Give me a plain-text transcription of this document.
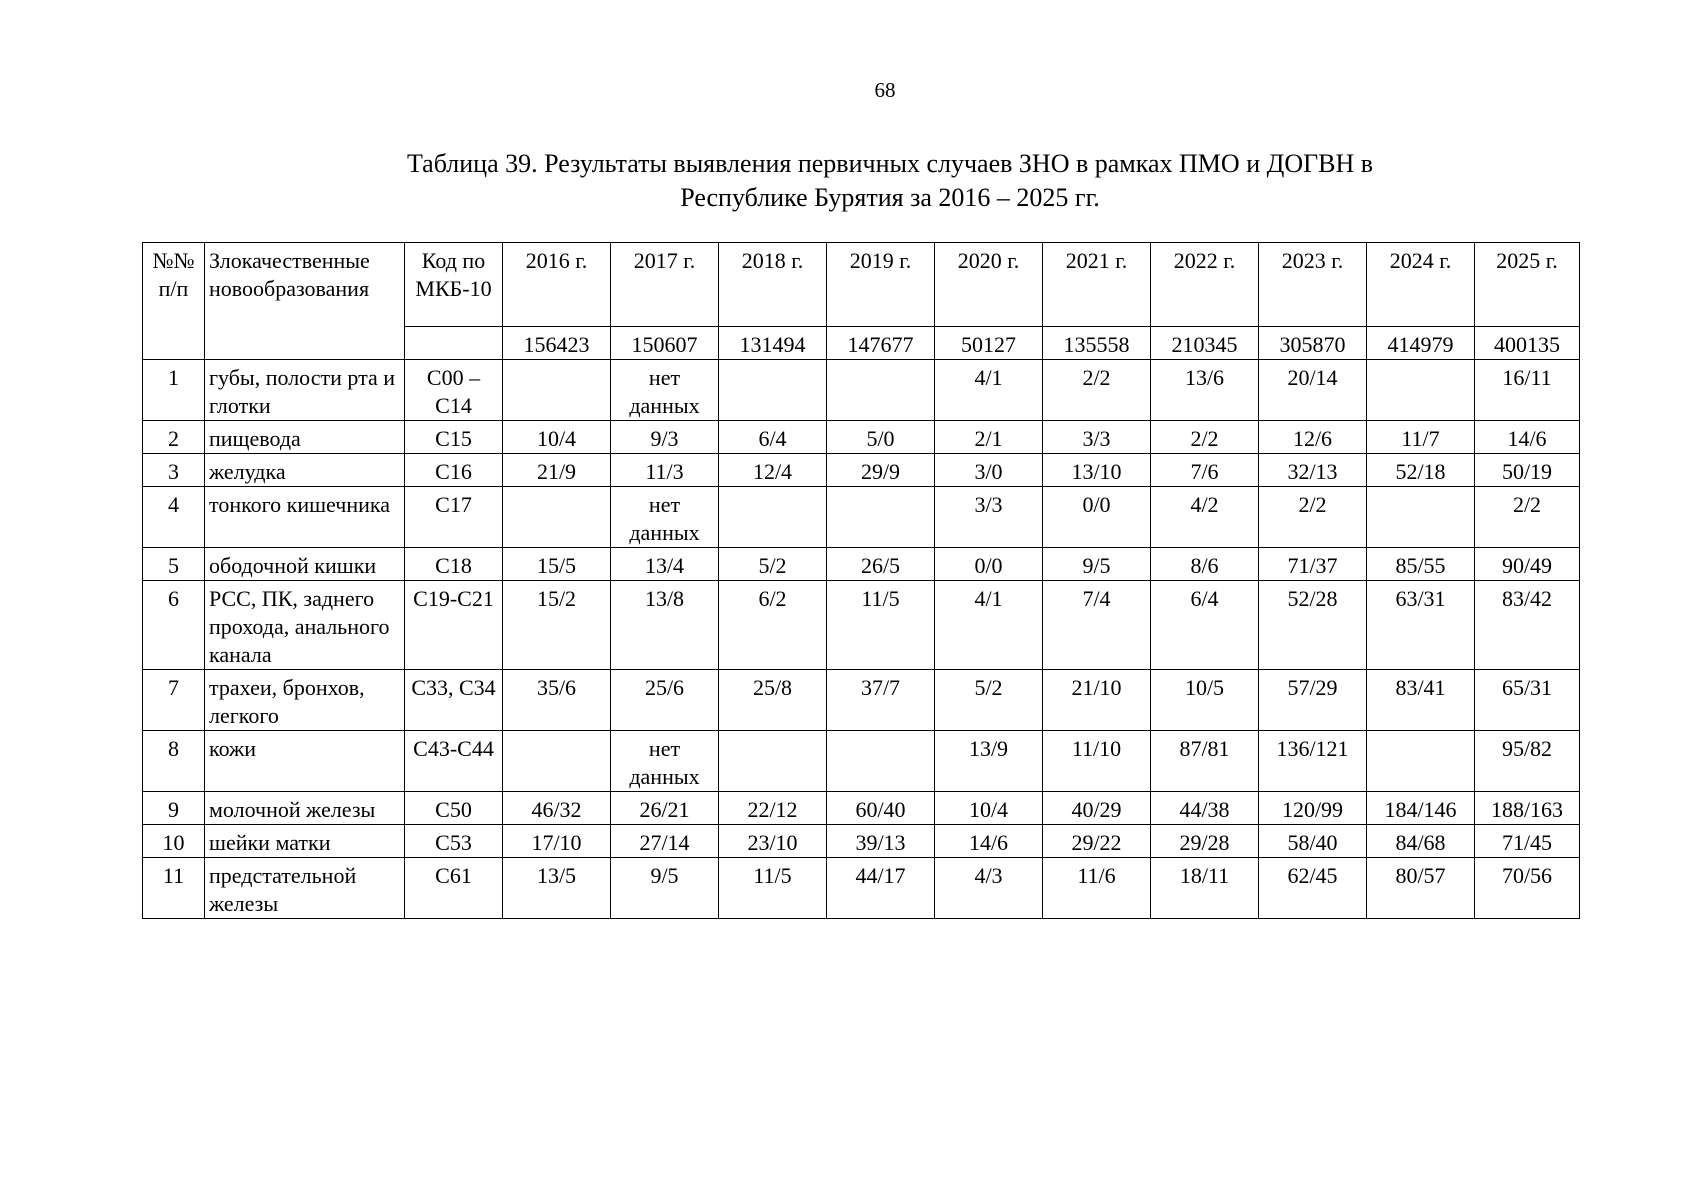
68
Таблица 39. Результаты выявления первичных случаев ЗНО в рамках ПМО и ДОГВН в
Республике Бурятия за 2016 – 2025 гг.
№№ п/п	Злокачественные новообразования	Код по МКБ-10	2016 г.	2017 г.	2018 г.	2019 г.	2020 г.	2021 г.	2022 г.	2023 г.	2024 г.	2025 г.
			156423	150607	131494	147677	50127	135558	210345	305870	414979	400135
1	губы, полости рта и глотки	С00 – С14		нет данных			4/1	2/2	13/6	20/14		16/11
2	пищевода	С15	10/4	9/3	6/4	5/0	2/1	3/3	2/2	12/6	11/7	14/6
3	желудка	С16	21/9	11/3	12/4	29/9	3/0	13/10	7/6	32/13	52/18	50/19
4	тонкого кишечника	С17		нет данных			3/3	0/0	4/2	2/2		2/2
5	ободочной кишки	С18	15/5	13/4	5/2	26/5	0/0	9/5	8/6	71/37	85/55	90/49
6	РСС, ПК, заднего прохода, анального канала	С19-С21	15/2	13/8	6/2	11/5	4/1	7/4	6/4	52/28	63/31	83/42
7	трахеи, бронхов, легкого	С33, С34	35/6	25/6	25/8	37/7	5/2	21/10	10/5	57/29	83/41	65/31
8	кожи	С43-С44		нет данных			13/9	11/10	87/81	136/121		95/82
9	молочной железы	С50	46/32	26/21	22/12	60/40	10/4	40/29	44/38	120/99	184/146	188/163
10	шейки матки	С53	17/10	27/14	23/10	39/13	14/6	29/22	29/28	58/40	84/68	71/45
11	предстательной железы	С61	13/5	9/5	11/5	44/17	4/3	11/6	18/11	62/45	80/57	70/56
